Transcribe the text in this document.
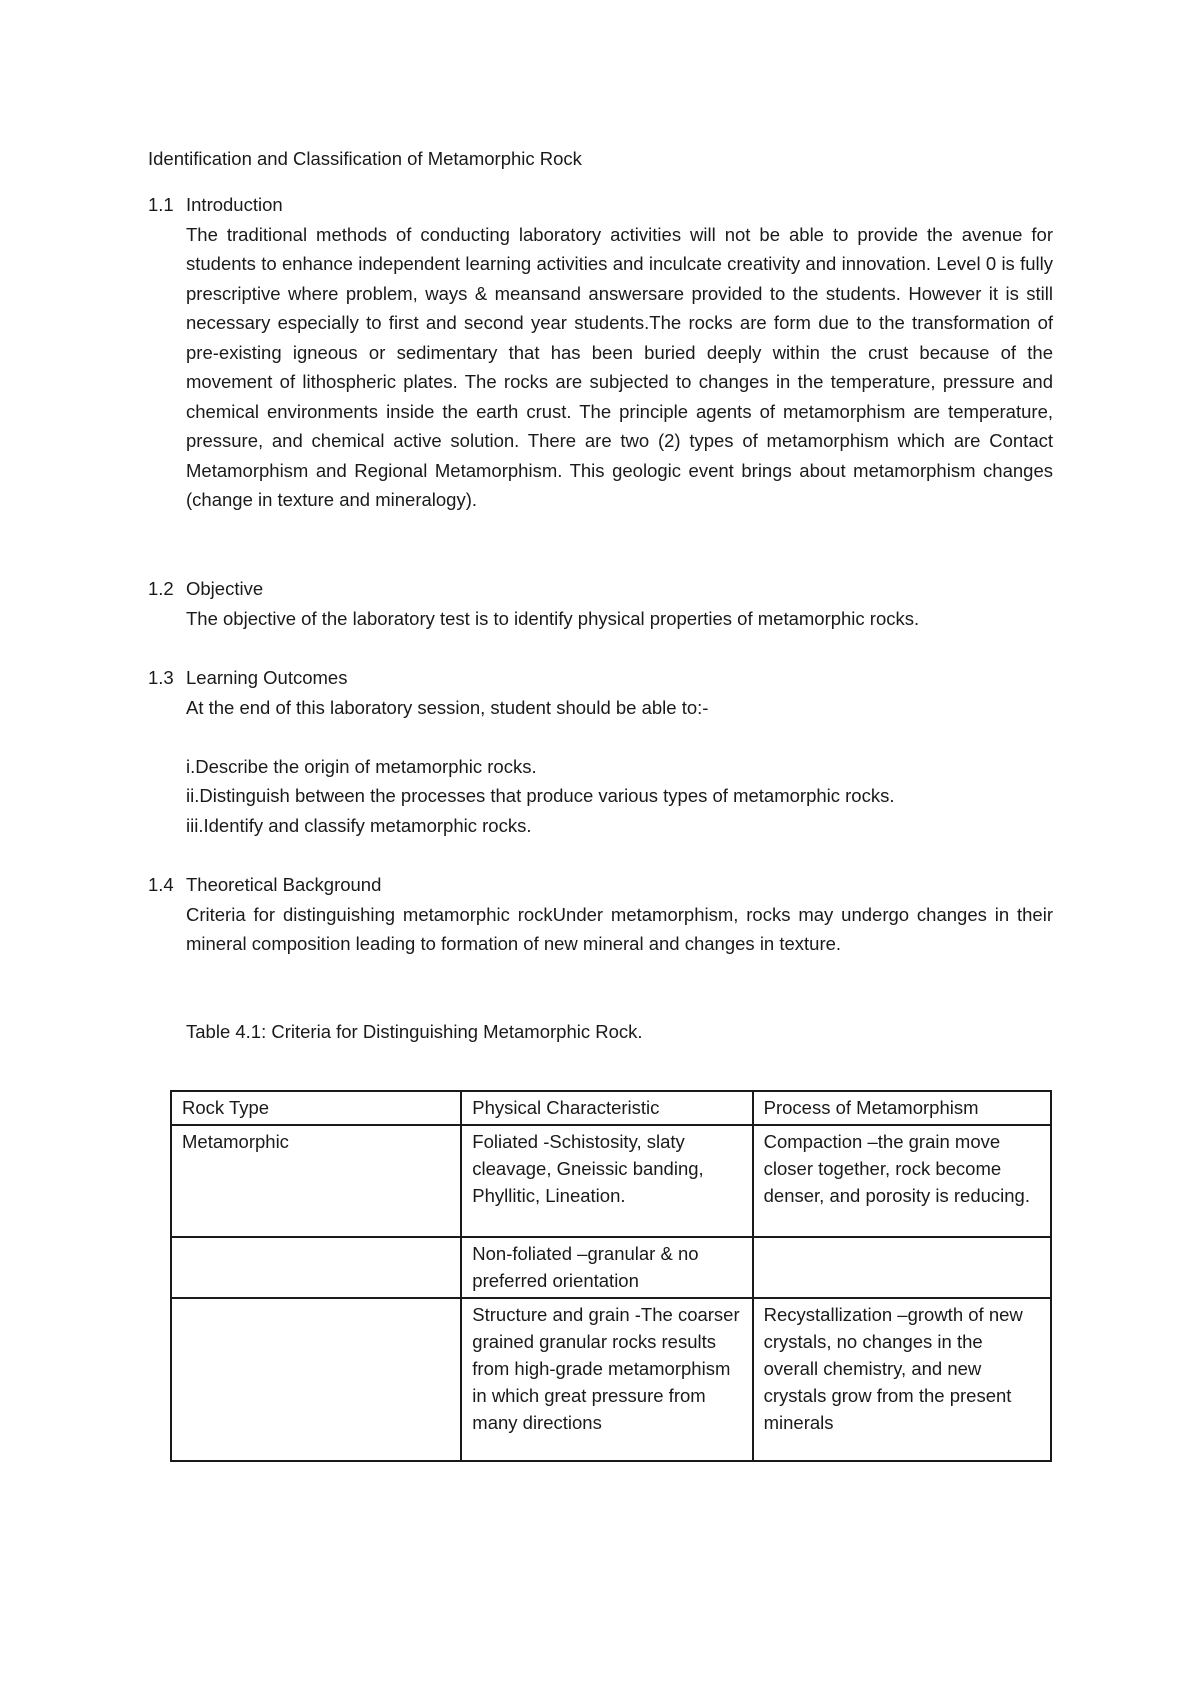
Identification and Classification of Metamorphic Rock
1.1 Introduction
The traditional methods of conducting laboratory activities will not be able to provide the avenue for students to enhance independent learning activities and inculcate creativity and innovation. Level 0 is fully prescriptive where problem, ways & meansand answersare provided to the students. However it is still necessary especially to first and second year students.The rocks are form due to the transformation of pre-existing igneous or sedimentary that has been buried deeply within the crust because of the movement of lithospheric plates. The rocks are subjected to changes in the temperature, pressure and chemical environments inside the earth crust. The principle agents of metamorphism are temperature, pressure, and chemical active solution. There are two (2) types of metamorphism which are Contact Metamorphism and Regional Metamorphism. This geologic event brings about metamorphism changes (change in texture and mineralogy).
1.2 Objective
The objective of the laboratory test is to identify physical properties of metamorphic rocks.
1.3 Learning Outcomes
At the end of this laboratory session, student should be able to:-
i.Describe the origin of metamorphic rocks.
ii.Distinguish between the processes that produce various types of metamorphic rocks.
iii.Identify and classify metamorphic rocks.
1.4 Theoretical Background
Criteria for distinguishing metamorphic rockUnder metamorphism, rocks may undergo changes in their mineral composition leading to formation of new mineral and changes in texture.
Table 4.1: Criteria for Distinguishing Metamorphic Rock.
Rock Type	Physical Characteristic	Process of Metamorphism
Metamorphic	Foliated -Schistosity, slaty cleavage, Gneissic banding, Phyllitic, Lineation.	Compaction –the grain move closer together, rock become denser, and porosity is reducing.
	Non-foliated –granular & no preferred orientation	
	Structure and grain -The coarser grained granular rocks results from high-grade metamorphism in which great pressure from many directions	Recystallization –growth of new crystals, no changes in the overall chemistry, and new crystals grow from the present minerals
